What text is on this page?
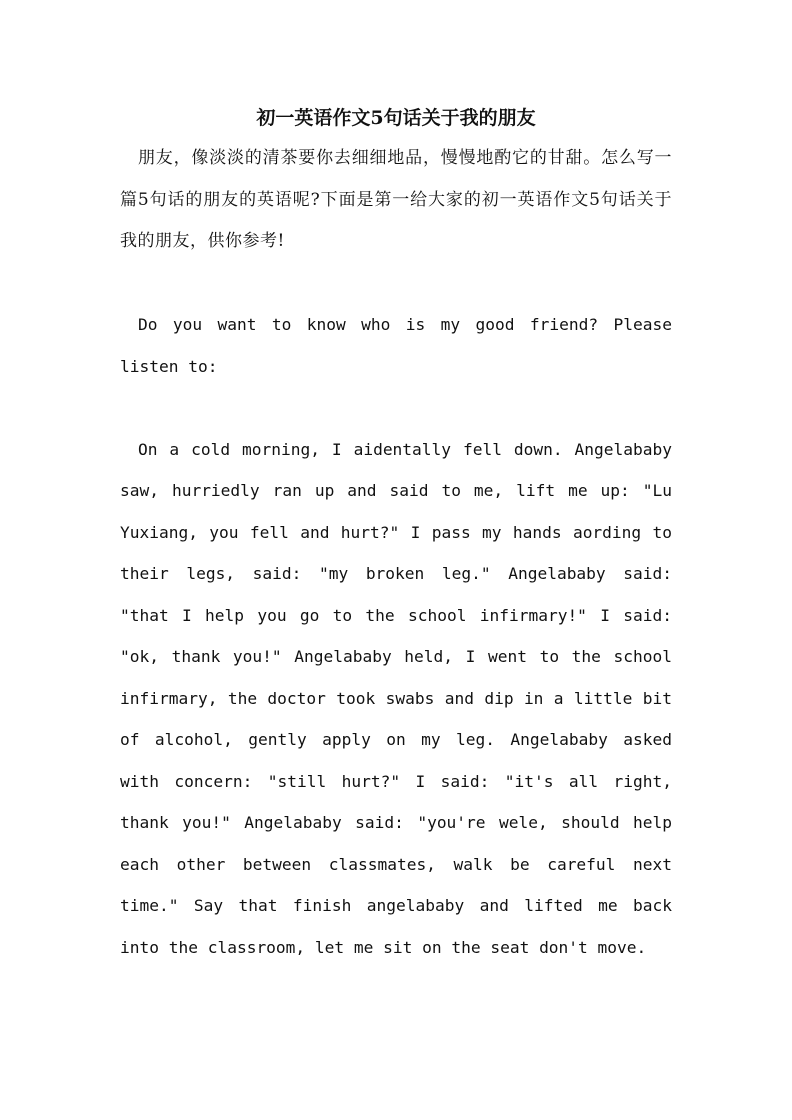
初一英语作文5句话关于我的朋友

朋友，像淡淡的清茶要你去细细地品，慢慢地酌它的甘甜。怎么写一篇5句话的朋友的英语呢?下面是第一给大家的初一英语作文5句话关于我的朋友，供你参考!

Do you want to know who is my good friend? Please listen to:

On a cold morning, I aidentally fell down. Angelababy saw, hurriedly ran up and said to me, lift me up: "Lu Yuxiang, you fell and hurt?" I pass my hands aording to their legs, said: "my broken leg." Angelababy said: "that I help you go to the school infirmary!" I said: "ok, thank you!" Angelababy held, I went to the school infirmary, the doctor took swabs and dip in a little bit of alcohol, gently apply on my leg. Angelababy asked with concern: "still hurt?" I said: "it's all right, thank you!" Angelababy said: "you're wele, should help each other between classmates, walk be careful next time." Say that finish angelababy and lifted me back into the classroom, let me sit on the seat don't move.
